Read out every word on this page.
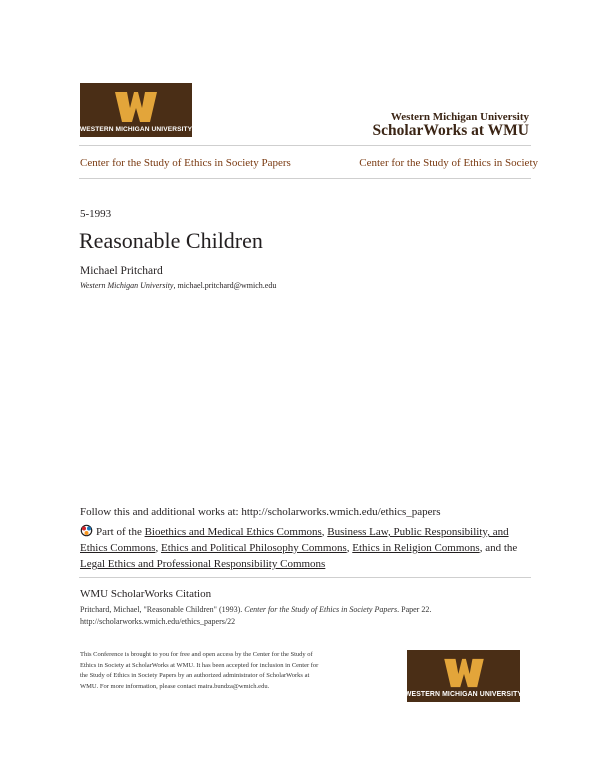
WESTERN MICHIGAN UNIVERSITY
Western Michigan University
ScholarWorks at WMU
Center for the Study of Ethics in Society Papers	Center for the Study of Ethics in Society
5-1993
Reasonable Children
Michael Pritchard
Western Michigan University, michael.pritchard@wmich.edu
Follow this and additional works at: http://scholarworks.wmich.edu/ethics_papers
Part of the Bioethics and Medical Ethics Commons, Business Law, Public Responsibility, and Ethics Commons, Ethics and Political Philosophy Commons, Ethics in Religion Commons, and the Legal Ethics and Professional Responsibility Commons
WMU ScholarWorks Citation
Pritchard, Michael, "Reasonable Children" (1993). Center for the Study of Ethics in Society Papers. Paper 22.
http://scholarworks.wmich.edu/ethics_papers/22
This Conference is brought to you for free and open access by the Center for the Study of Ethics in Society at ScholarWorks at WMU. It has been accepted for inclusion in Center for the Study of Ethics in Society Papers by an authorized administrator of ScholarWorks at WMU. For more information, please contact maira.bundza@wmich.edu.
WESTERN MICHIGAN UNIVERSITY
